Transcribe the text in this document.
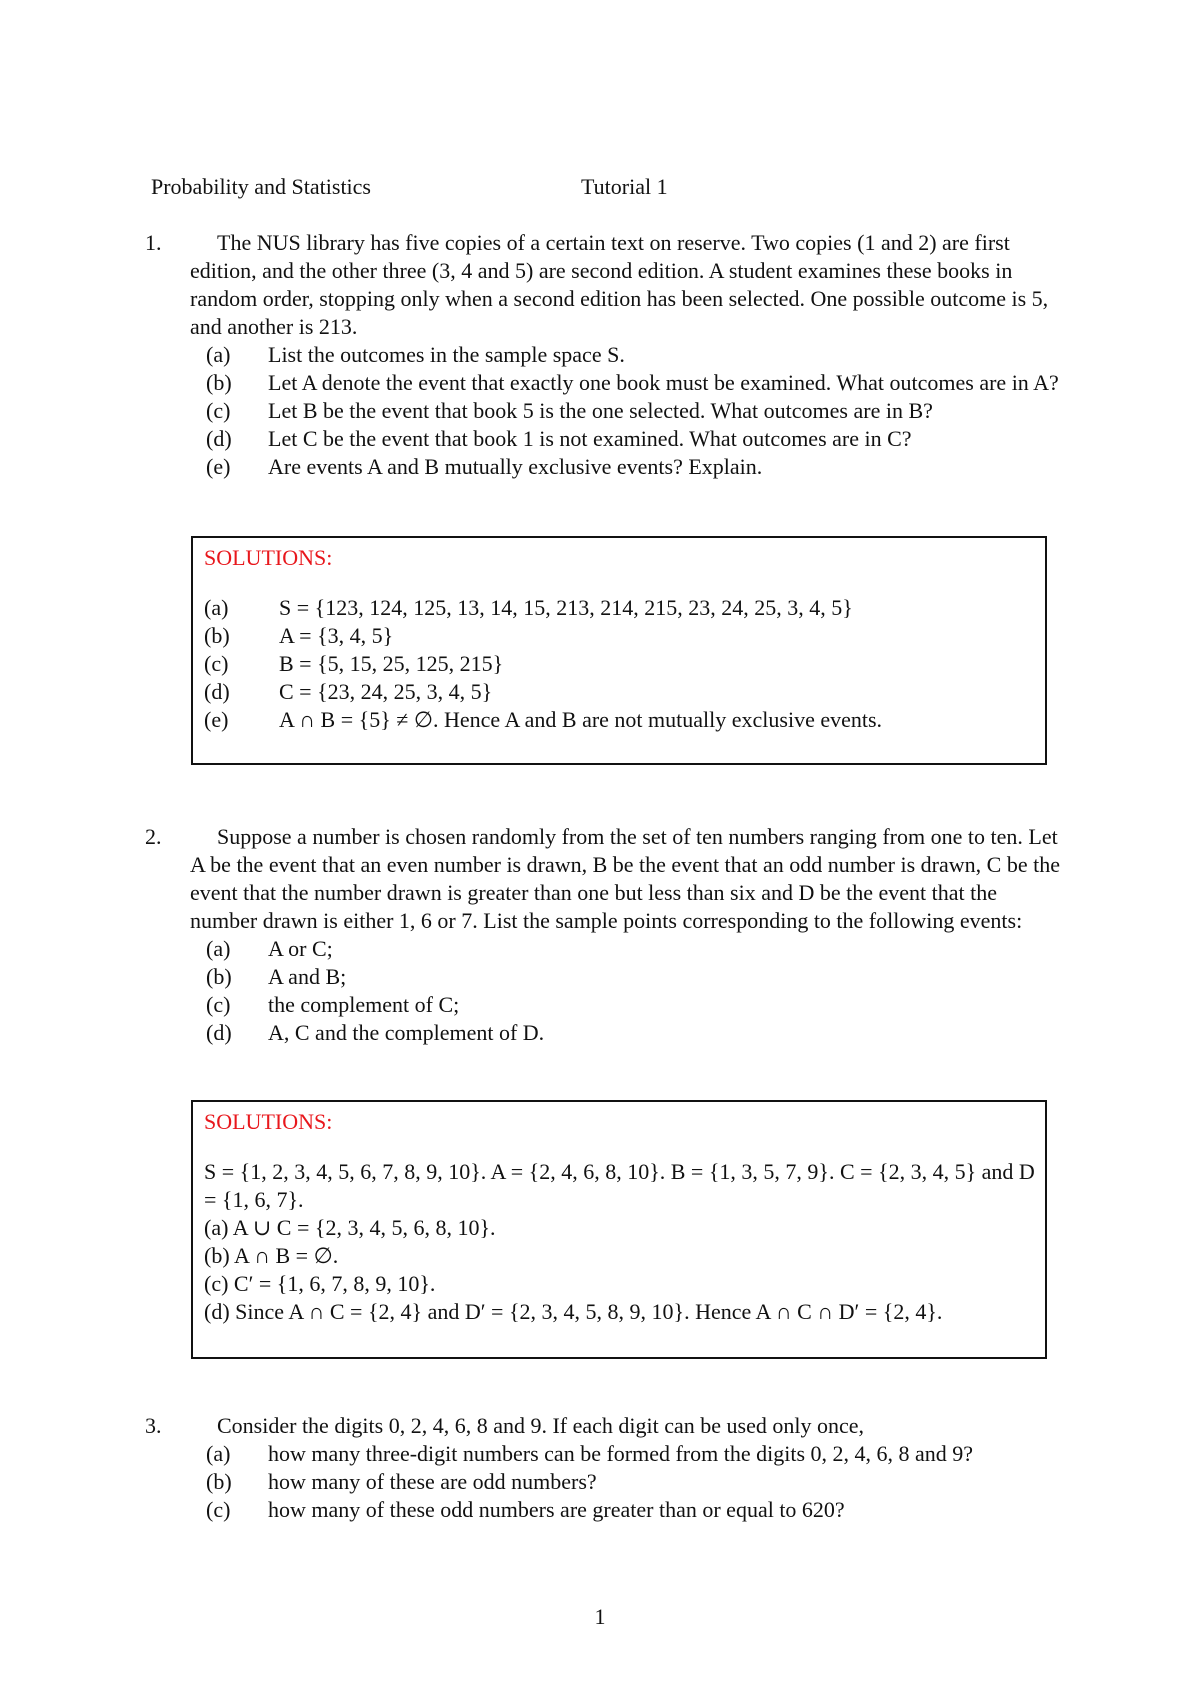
Probability and Statistics	Tutorial 1
1.	The NUS library has five copies of a certain text on reserve. Two copies (1 and 2) are first edition, and the other three (3, 4 and 5) are second edition. A student examines these books in random order, stopping only when a second edition has been selected. One possible outcome is 5, and another is 213.
(a) List the outcomes in the sample space S.
(b) Let A denote the event that exactly one book must be examined. What outcomes are in A?
(c) Let B be the event that book 5 is the one selected. What outcomes are in B?
(d) Let C be the event that book 1 is not examined. What outcomes are in C?
(e) Are events A and B mutually exclusive events? Explain.
SOLUTIONS:
(a) S = {123, 124, 125, 13, 14, 15, 213, 214, 215, 23, 24, 25, 3, 4, 5}
(b) A = {3, 4, 5}
(c) B = {5, 15, 25, 125, 215}
(d) C = {23, 24, 25, 3, 4, 5}
(e) A ∩ B = {5} ≠ ∅. Hence A and B are not mutually exclusive events.
2.	Suppose a number is chosen randomly from the set of ten numbers ranging from one to ten. Let A be the event that an even number is drawn, B be the event that an odd number is drawn, C be the event that the number drawn is greater than one but less than six and D be the event that the number drawn is either 1, 6 or 7. List the sample points corresponding to the following events:
(a) A or C;
(b) A and B;
(c) the complement of C;
(d) A, C and the complement of D.
SOLUTIONS:
S = {1, 2, 3, 4, 5, 6, 7, 8, 9, 10}. A = {2, 4, 6, 8, 10}. B = {1, 3, 5, 7, 9}. C = {2, 3, 4, 5} and D = {1, 6, 7}.
(a) A ∪ C = {2, 3, 4, 5, 6, 8, 10}.
(b) A ∩ B = ∅.
(c) C′ = {1, 6, 7, 8, 9, 10}.
(d) Since A ∩ C = {2, 4} and D′ = {2, 3, 4, 5, 8, 9, 10}. Hence A ∩ C ∩ D′ = {2, 4}.
3.	Consider the digits 0, 2, 4, 6, 8 and 9. If each digit can be used only once,
(a) how many three-digit numbers can be formed from the digits 0, 2, 4, 6, 8 and 9?
(b) how many of these are odd numbers?
(c) how many of these odd numbers are greater than or equal to 620?
1
